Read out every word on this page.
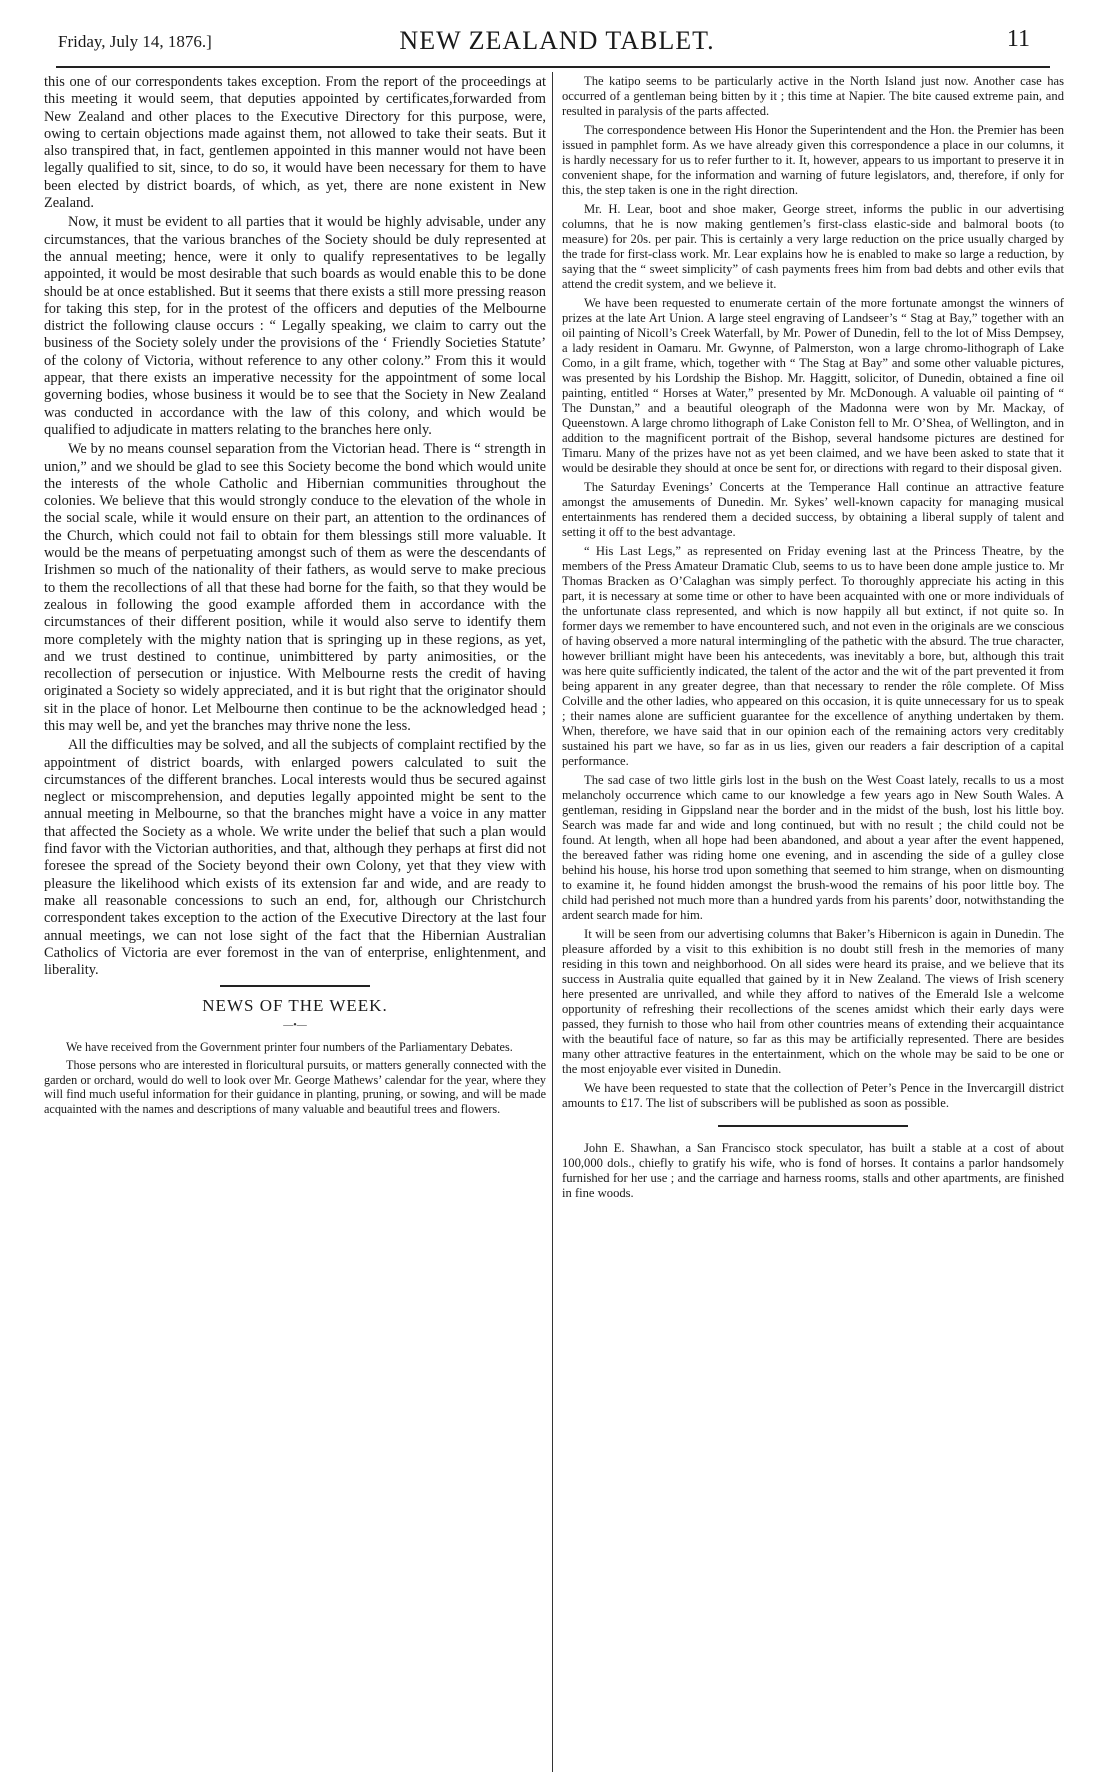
Friday, July 14, 1876.]	NEW ZEALAND TABLET.	11

this one of our correspondents takes exception. From the report of the proceedings at this meeting it would seem, that deputies appointed by certificates,forwarded from New Zealand and other places to the Executive Directory for this purpose, were, owing to certain objections made against them, not allowed to take their seats. But it also transpired that, in fact, gentlemen appointed in this manner would not have been legally qualified to sit, since, to do so, it would have been necessary for them to have been elected by district boards, of which, as yet, there are none existent in New Zealand.

Now, it must be evident to all parties that it would be highly advisable, under any circumstances, that the various branches of the Society should be duly represented at the annual meeting; hence, were it only to qualify representatives to be legally appointed, it would be most desirable that such boards as would enable this to be done should be at once established. But it seems that there exists a still more pressing reason for taking this step, for in the protest of the officers and deputies of the Melbourne district the following clause occurs : “ Legally speaking, we claim to carry out the business of the Society solely under the provisions of the ‘ Friendly Societies Statute’ of the colony of Victoria, without reference to any other colony.” From this it would appear, that there exists an imperative necessity for the appointment of some local governing bodies, whose business it would be to see that the Society in New Zealand was conducted in accordance with the law of this colony, and which would be qualified to adjudicate in matters relating to the branches here only.

We by no means counsel separation from the Victorian head. There is “ strength in union,” and we should be glad to see this Society become the bond which would unite the interests of the whole Catholic and Hibernian communities throughout the colonies. We believe that this would strongly conduce to the elevation of the whole in the social scale, while it would ensure on their part, an attention to the ordinances of the Church, which could not fail to obtain for them blessings still more valuable. It would be the means of perpetuating amongst such of them as were the descendants of Irishmen so much of the nationality of their fathers, as would serve to make precious to them the recollections of all that these had borne for the faith, so that they would be zealous in following the good example afforded them in accordance with the circumstances of their different position, while it would also serve to identify them more completely with the mighty nation that is springing up in these regions, as yet, and we trust destined to continue, unimbittered by party animosities, or the recollection of persecution or injustice. With Melbourne rests the credit of having originated a Society so widely appreciated, and it is but right that the originator should sit in the place of honor. Let Melbourne then continue to be the acknowledged head ; this may well be, and yet the branches may thrive none the less.

All the difficulties may be solved, and all the subjects of complaint rectified by the appointment of district boards, with enlarged powers calculated to suit the circumstances of the different branches. Local interests would thus be secured against neglect or miscomprehension, and deputies legally appointed might be sent to the annual meeting in Melbourne, so that the branches might have a voice in any matter that affected the Society as a whole. We write under the belief that such a plan would find favor with the Victorian authorities, and that, although they perhaps at first did not foresee the spread of the Society beyond their own Colony, yet that they view with pleasure the likelihood which exists of its extension far and wide, and are ready to make all reasonable concessions to such an end, for, although our Christchurch correspondent takes exception to the action of the Executive Directory at the last four annual meetings, we can not lose sight of the fact that the Hibernian Australian Catholics of Victoria are ever foremost in the van of enterprise, enlightenment, and liberality.

NEWS OF THE WEEK.
—•—

We have received from the Government printer four numbers of the Parliamentary Debates.

Those persons who are interested in floricultural pursuits, or matters generally connected with the garden or orchard, would do well to look over Mr. George Mathews’ calendar for the year, where they will find much useful information for their guidance in planting, pruning, or sowing, and will be made acquainted with the names and descriptions of many valuable and beautiful trees and flowers.

The katipo seems to be particularly active in the North Island just now. Another case has occurred of a gentleman being bitten by it ; this time at Napier. The bite caused extreme pain, and resulted in paralysis of the parts affected.

The correspondence between His Honor the Superintendent and the Hon. the Premier has been issued in pamphlet form. As we have already given this correspondence a place in our columns, it is hardly necessary for us to refer further to it. It, however, appears to us important to preserve it in convenient shape, for the information and warning of future legislators, and, therefore, if only for this, the step taken is one in the right direction.

Mr. H. Lear, boot and shoe maker, George street, informs the public in our advertising columns, that he is now making gentlemen’s first-class elastic-side and balmoral boots (to measure) for 20s. per pair. This is certainly a very large reduction on the price usually charged by the trade for first-class work. Mr. Lear explains how he is enabled to make so large a reduction, by saying that the “ sweet simplicity” of cash payments frees him from bad debts and other evils that attend the credit system, and we believe it.

We have been requested to enumerate certain of the more fortunate amongst the winners of prizes at the late Art Union. A large steel engraving of Landseer’s “ Stag at Bay,” together with an oil painting of Nicoll’s Creek Waterfall, by Mr. Power of Dunedin, fell to the lot of Miss Dempsey, a lady resident in Oamaru. Mr. Gwynne, of Palmerston, won a large chromo-lithograph of Lake Como, in a gilt frame, which, together with “ The Stag at Bay” and some other valuable pictures, was presented by his Lordship the Bishop. Mr. Haggitt, solicitor, of Dunedin, obtained a fine oil painting, entitled “ Horses at Water,” presented by Mr. McDonough. A valuable oil painting of “ The Dunstan,” and a beautiful oleograph of the Madonna were won by Mr. Mackay, of Queenstown. A large chromo lithograph of Lake Coniston fell to Mr. O’Shea, of Wellington, and in addition to the magnificent portrait of the Bishop, several handsome pictures are destined for Timaru. Many of the prizes have not as yet been claimed, and we have been asked to state that it would be desirable they should at once be sent for, or directions with regard to their disposal given.

The Saturday Evenings’ Concerts at the Temperance Hall continue an attractive feature amongst the amusements of Dunedin. Mr. Sykes’ well-known capacity for managing musical entertainments has rendered them a decided success, by obtaining a liberal supply of talent and setting it off to the best advantage.

“ His Last Legs,” as represented on Friday evening last at the Princess Theatre, by the members of the Press Amateur Dramatic Club, seems to us to have been done ample justice to. Mr Thomas Bracken as O’Calaghan was simply perfect. To thoroughly appreciate his acting in this part, it is necessary at some time or other to have been acquainted with one or more individuals of the unfortunate class represented, and which is now happily all but extinct, if not quite so. In former days we remember to have encountered such, and not even in the originals are we conscious of having observed a more natural intermingling of the pathetic with the absurd. The true character, however brilliant might have been his antecedents, was inevitably a bore, but, although this trait was here quite sufficiently indicated, the talent of the actor and the wit of the part prevented it from being apparent in any greater degree, than that necessary to render the rôle complete. Of Miss Colville and the other ladies, who appeared on this occasion, it is quite unnecessary for us to speak ; their names alone are sufficient guarantee for the excellence of anything undertaken by them. When, therefore, we have said that in our opinion each of the remaining actors very creditably sustained his part we have, so far as in us lies, given our readers a fair description of a capital performance.

The sad case of two little girls lost in the bush on the West Coast lately, recalls to us a most melancholy occurrence which came to our knowledge a few years ago in New South Wales. A gentleman, residing in Gippsland near the border and in the midst of the bush, lost his little boy. Search was made far and wide and long continued, but with no result ; the child could not be found. At length, when all hope had been abandoned, and about a year after the event happened, the bereaved father was riding home one evening, and in ascending the side of a gulley close behind his house, his horse trod upon something that seemed to him strange, when on dismounting to examine it, he found hidden amongst the brush-wood the remains of his poor little boy. The child had perished not much more than a hundred yards from his parents’ door, notwithstanding the ardent search made for him.

It will be seen from our advertising columns that Baker’s Hibernicon is again in Dunedin. The pleasure afforded by a visit to this exhibition is no doubt still fresh in the memories of many residing in this town and neighborhood. On all sides were heard its praise, and we believe that its success in Australia quite equalled that gained by it in New Zealand. The views of Irish scenery here presented are unrivalled, and while they afford to natives of the Emerald Isle a welcome opportunity of refreshing their recollections of the scenes amidst which their early days were passed, they furnish to those who hail from other countries means of extending their acquaintance with the beautiful face of nature, so far as this may be artificially represented. There are besides many other attractive features in the entertainment, which on the whole may be said to be one or the most enjoyable ever visited in Dunedin.

We have been requested to state that the collection of Peter’s Pence in the Invercargill district amounts to £17. The list of subscribers will be published as soon as possible.

John E. Shawhan, a San Francisco stock speculator, has built a stable at a cost of about 100,000 dols., chiefly to gratify his wife, who is fond of horses. It contains a parlor handsomely furnished for her use ; and the carriage and harness rooms, stalls and other apartments, are finished in fine woods.
